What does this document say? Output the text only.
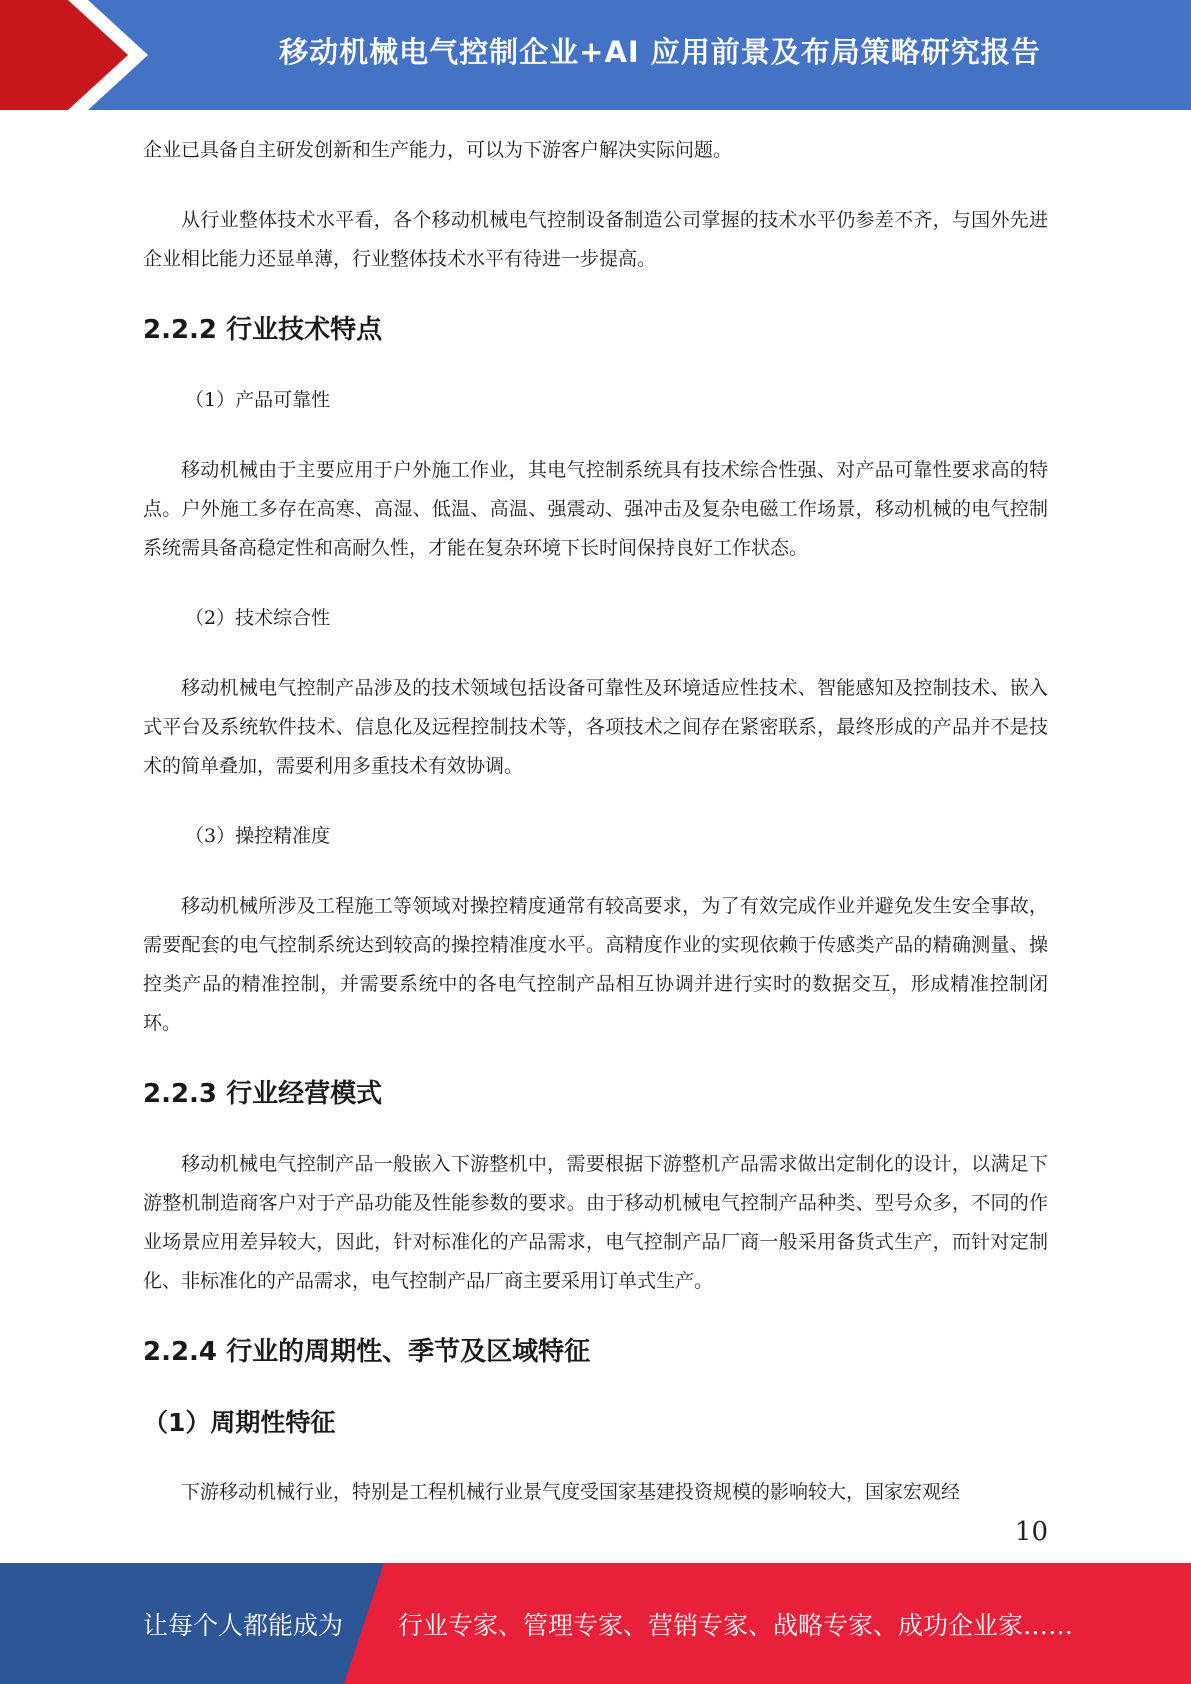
移动机械电气控制企业+AI 应用前景及布局策略研究报告

企业已具备自主研发创新和生产能力，可以为下游客户解决实际问题。

从行业整体技术水平看，各个移动机械电气控制设备制造公司掌握的技术水平仍参差不齐，与国外先进企业相比能力还显单薄，行业整体技术水平有待进一步提高。

2.2.2 行业技术特点
（1）产品可靠性

移动机械由于主要应用于户外施工作业，其电气控制系统具有技术综合性强、对产品可靠性要求高的特点。户外施工多存在高寒、高湿、低温、高温、强震动、强冲击及复杂电磁工作场景，移动机械的电气控制系统需具备高稳定性和高耐久性，才能在复杂环境下长时间保持良好工作状态。

（2）技术综合性

移动机械电气控制产品涉及的技术领域包括设备可靠性及环境适应性技术、智能感知及控制技术、嵌入式平台及系统软件技术、信息化及远程控制技术等，各项技术之间存在紧密联系，最终形成的产品并不是技术的简单叠加，需要利用多重技术有效协调。

（3）操控精准度

移动机械所涉及工程施工等领域对操控精度通常有较高要求，为了有效完成作业并避免发生安全事故，需要配套的电气控制系统达到较高的操控精准度水平。高精度作业的实现依赖于传感类产品的精确测量、操控类产品的精准控制，并需要系统中的各电气控制产品相互协调并进行实时的数据交互，形成精准控制闭环。

2.2.3 行业经营模式

移动机械电气控制产品一般嵌入下游整机中，需要根据下游整机产品需求做出定制化的设计，以满足下游整机制造商客户对于产品功能及性能参数的要求。由于移动机械电气控制产品种类、型号众多，不同的作业场景应用差异较大，因此，针对标准化的产品需求，电气控制产品厂商一般采用备货式生产，而针对定制化、非标准化的产品需求，电气控制产品厂商主要采用订单式生产。

2.2.4 行业的周期性、季节及区域特征
（1）周期性特征

下游移动机械行业，特别是工程机械行业景气度受国家基建投资规模的影响较大，国家宏观经

10
让每个人都能成为 行业专家、管理专家、营销专家、战略专家、成功企业家……
